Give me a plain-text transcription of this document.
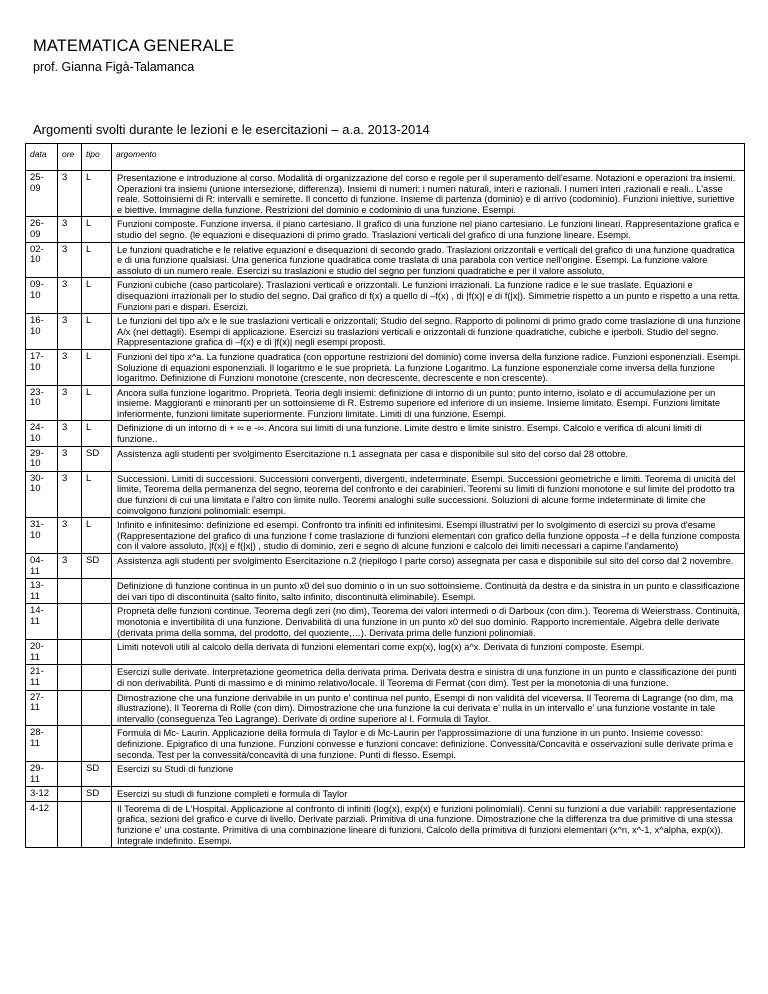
MATEMATICA GENERALE
prof. Gianna Figà-Talamanca
Argomenti svolti durante le lezioni e le esercitazioni – a.a. 2013-2014
data	ore	tipo	argomento
25-09	3	L	Presentazione e introduzione al corso. Modalità di organizzazione del corso e regole per il superamento dell'esame. Notazioni e operazioni tra insiemi. Operazioni tra insiemi (unione intersezione, differenza). Insiemi di numeri: i numeri naturali, interi e razionali. I numeri interi ,razionali e reali.. L'asse reale. Sottoinsiemi di R: intervalli e semirette. Il concetto di funzione. Insieme di partenza (dominio) e di arrivo (codominio). Funzioni iniettive, suriettive e biettive. Immagine della funzione. Restrizioni del dominio e codominio di una funzione. Esempi.
26-09	3	L	Funzioni composte. Funzione inversa. il piano cartesiano. Il grafico di una funzione nel piano cartesiano. Le funzioni lineari. Rappresentazione grafica e studio del segno. (le equazioni e disequazioni di primo grado. Traslazioni verticali del grafico di una funzione lineare. Esempi.
02-10	3	L	Le funzioni quadratiche e le relative equazioni e disequazioni di secondo grado. Traslazioni orizzontali e verticali del grafico di una funzione quadratica e di una funzione qualsiasi. Una generica funzione quadratica come traslata di una parabola con vertice nell'origine. Esempi. La funzione valore assoluto di un numero reale. Esercizi su traslazioni e studio del segno per funzioni quadratiche e per il valore assoluto,
09-10	3	L	Funzioni cubiche (caso particolare). Traslazioni verticali e orizzontali. Le funzioni irrazionali. La funzione radice e le sue traslate. Equazioni e disequazioni irrazionali per lo studio del segno. Dal grafico di f(x) a quello di –f(x) , di |f(x)| e di f(|x|). Simmetrie rispetto a un punto e rispetto a una retta. Funzioni pari e dispari. Esercizi.
16-10	3	L	Le funzioni del tipo a/x e le sue traslazioni verticali e orizzontali; Studio del segno. Rapporto di polinomi di primo grado come traslazione di una funzione A/x (nei dettagli). Esempi di applicazione. Esercizi su traslazioni verticali e orizzontali di funzione quadratiche, cubiche e iperboli. Studio del segno. Rappresentazione grafica di –f(x) e di |f(x)| negli esempi proposti.
17-10	3	L	Funzioni del tipo x^a. La funzione quadratica (con opportune restrizioni del dominio) come inversa della funzione radice. Funzioni esponenziali. Esempi. Soluzione di equazioni esponenziali. Il logaritmo e le sue proprietà. La funzione Logaritmo. La funzione esponenziale come inversa della funzione logaritmo. Definizione di Funzioni monotone (crescente, non decrescente, decrescente e non crescente).
23-10	3	L	Ancora sulla funzione logaritmo. Proprietà. Teoria degli insiemi: definizione di intorno di un punto; punto interno, isolato e di accumulazione per un insieme. Maggioranti e minoranti per un sottoinsieme di R. Estremo superiore ed inferiore di un insieme. Insieme limitato. Esempi. Funzioni limitate inferiormente, funzioni limitate superiormente. Funzioni limitate. Limiti di una funzione. Esempi.
24-10	3	L	Definizione di un intorno di + ∞ e -∞. Ancora sui limiti di una funzione. Limite destro e limite sinistro. Esempi. Calcolo e verifica di alcuni limiti di funzione..
29-10	3	SD	Assistenza agli studenti per svolgimento Esercitazione n.1 assegnata per casa e disponibile sul sito del corso dal 28 ottobre.
30-10	3	L	Successioni. Limiti di successioni. Successioni convergenti, divergenti, indeterminate. Esempi. Successioni geometriche e limiti. Teorema di unicità del limite, Teorema della permanenza del segno, teorema del confronto e dei carabinieri. Teoremi su limiti di funzioni monotone e sul limite del prodotto tra due funzioni di cui una limitata e l'altro con limite nullo. Teoremi analoghi sulle successioni. Soluzioni di alcune forme indeterminate di limite che coinvolgono funzioni polinomiali: esempi.
31-10	3	L	Infinito e infinitesimo: definizione ed esempi. Confronto tra infiniti ed infinitesimi. Esempi illustrativi per lo svolgimento di esercizi su prova d'esame (Rappresentazione del grafico di una funzione f come traslazione di funzioni elementari con grafico della funzione opposta –f e della funzione composta con il valore assoluto, |f(x)| e f(|x|) , studio di dominio, zeri e segno di alcune funzioni e calcolo dei limiti necessari a capirne l'andamento)
04-11	3	SD	Assistenza agli studenti per svolgimento Esercitazione n.2 (riepilogo I parte corso) assegnata per casa e disponibile sul sito del corso dal 2 novembre.
13-11			Definizione di funzione continua in un punto x0 del suo dominio o in un suo sottoinsieme. Continuità da destra e da sinistra in un punto e classificazione dei vari tipo di discontinuità (salto finito, salto infinito, discontinuità eliminabile). Esempi.
14-11			Proprietà delle funzioni continue. Teorema degli zeri (no dim), Teorema dei valori intermedi o di Darboux (con dim.). Teorema di Weierstrass. Continuità, monotonia e invertibilità di una funzione. Derivabilità di una funzione in un punto x0 del suo dominio. Rapporto incrementale. Algebra delle derivate (derivata prima della somma, del prodotto, del quoziente,…). Derivata prima delle funzioni polinomiali.
20-11			Limiti notevoli utili al calcolo della derivata di funzioni elementari come exp(x), log(x) a^x. Derivata di funzioni composte. Esempi.
21-11			Esercizi sulle derivate. Interpretazione geometrica della derivata prima. Derivata destra e sinistra di una funzione in un punto e classificazione dei punti di non derivabilità. Punti di massimo e di minimo relativo/locale. Il Teorema di Fermat (con dim). Test per la monotonia di una funzione.
27-11			Dimostrazione che una funzione derivabile in un punto e' continua nel punto, Esempi di non validità del viceversa. Il Teorema di Lagrange (no dim, ma illustrazione). Il Teorema di Rolle (con dim). Dimostrazione che una funzione la cui derivata e' nulla in un intervallo e' una funzione vostante in tale intervallo (conseguenza Teo Lagrange). Derivate di ordine superiore al I. Formula di Taylor.
28-11			Formula di Mc- Laurin. Applicazione della formula di Taylor e di Mc-Laurin per l'approssimazione di una funzione in un punto. Insieme covesso: definizione. Epigrafico di una funzione. Funzioni convesse e funzioni concave: definizione. Convessità/Concavità e osservazioni sulle derivate prima e seconda. Test per la convessità/concavità di una funzione. Punti di flesso. Esempi.
29-11		SD	Esercizi su Studi di funzione
3-12		SD	Esercizi su studi di funzione completi e formula di Taylor
4-12			Il Teorema di de L'Hospital. Applicazione al confronto di infiniti (log(x), exp(x) e funzioni polinomiali). Cenni su funzioni a due variabili: rappresentazione grafica, sezioni del grafico e curve di livello. Derivate parziali. Primitiva di una funzione. Dimostrazione che la differenza tra due primitive di una stessa funzione e' una costante. Primitiva di una combinazione lineare di funzioni. Calcolo della primitiva di funzioni elementari (x^n, x^-1, x^alpha, exp(x)). Integrale indefinito. Esempi.
